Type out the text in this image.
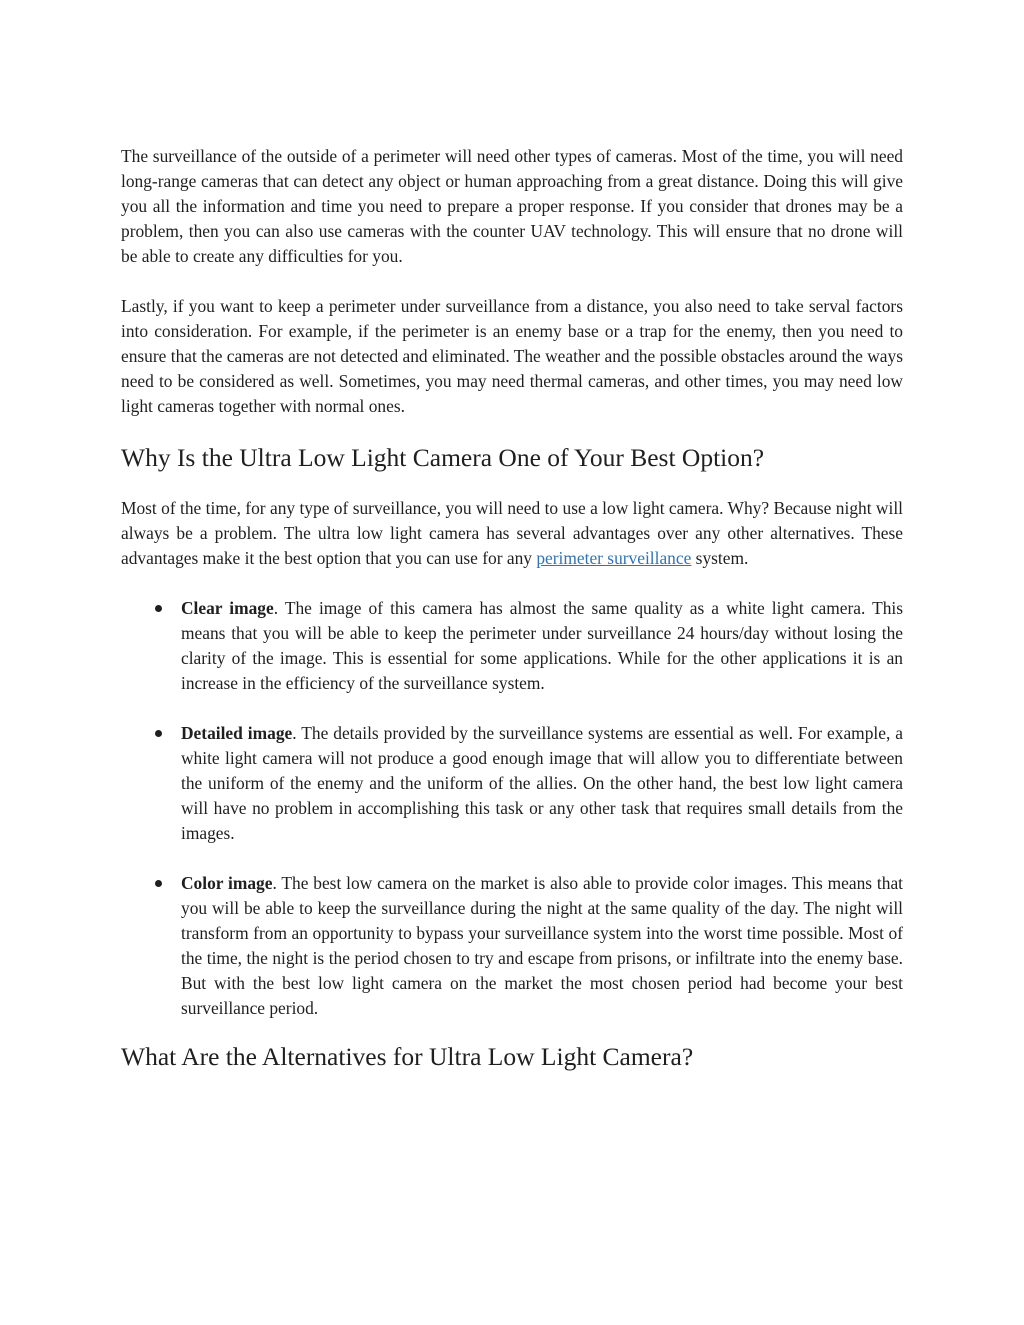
The surveillance of the outside of a perimeter will need other types of cameras. Most of the time, you will need long-range cameras that can detect any object or human approaching from a great distance. Doing this will give you all the information and time you need to prepare a proper response. If you consider that drones may be a problem, then you can also use cameras with the counter UAV technology. This will ensure that no drone will be able to create any difficulties for you.

Lastly, if you want to keep a perimeter under surveillance from a distance, you also need to take serval factors into consideration. For example, if the perimeter is an enemy base or a trap for the enemy, then you need to ensure that the cameras are not detected and eliminated. The weather and the possible obstacles around the ways need to be considered as well. Sometimes, you may need thermal cameras, and other times, you may need low light cameras together with normal ones.

Why Is the Ultra Low Light Camera One of Your Best Option?

Most of the time, for any type of surveillance, you will need to use a low light camera. Why? Because night will always be a problem. The ultra low light camera has several advantages over any other alternatives. These advantages make it the best option that you can use for any perimeter surveillance system.

Clear image. The image of this camera has almost the same quality as a white light camera. This means that you will be able to keep the perimeter under surveillance 24 hours/day without losing the clarity of the image. This is essential for some applications. While for the other applications it is an increase in the efficiency of the surveillance system.
Detailed image. The details provided by the surveillance systems are essential as well. For example, a white light camera will not produce a good enough image that will allow you to differentiate between the uniform of the enemy and the uniform of the allies. On the other hand, the best low light camera will have no problem in accomplishing this task or any other task that requires small details from the images.
Color image. The best low camera on the market is also able to provide color images. This means that you will be able to keep the surveillance during the night at the same quality of the day. The night will transform from an opportunity to bypass your surveillance system into the worst time possible. Most of the time, the night is the period chosen to try and escape from prisons, or infiltrate into the enemy base. But with the best low light camera on the market the most chosen period had become your best surveillance period.
What Are the Alternatives for Ultra Low Light Camera?
